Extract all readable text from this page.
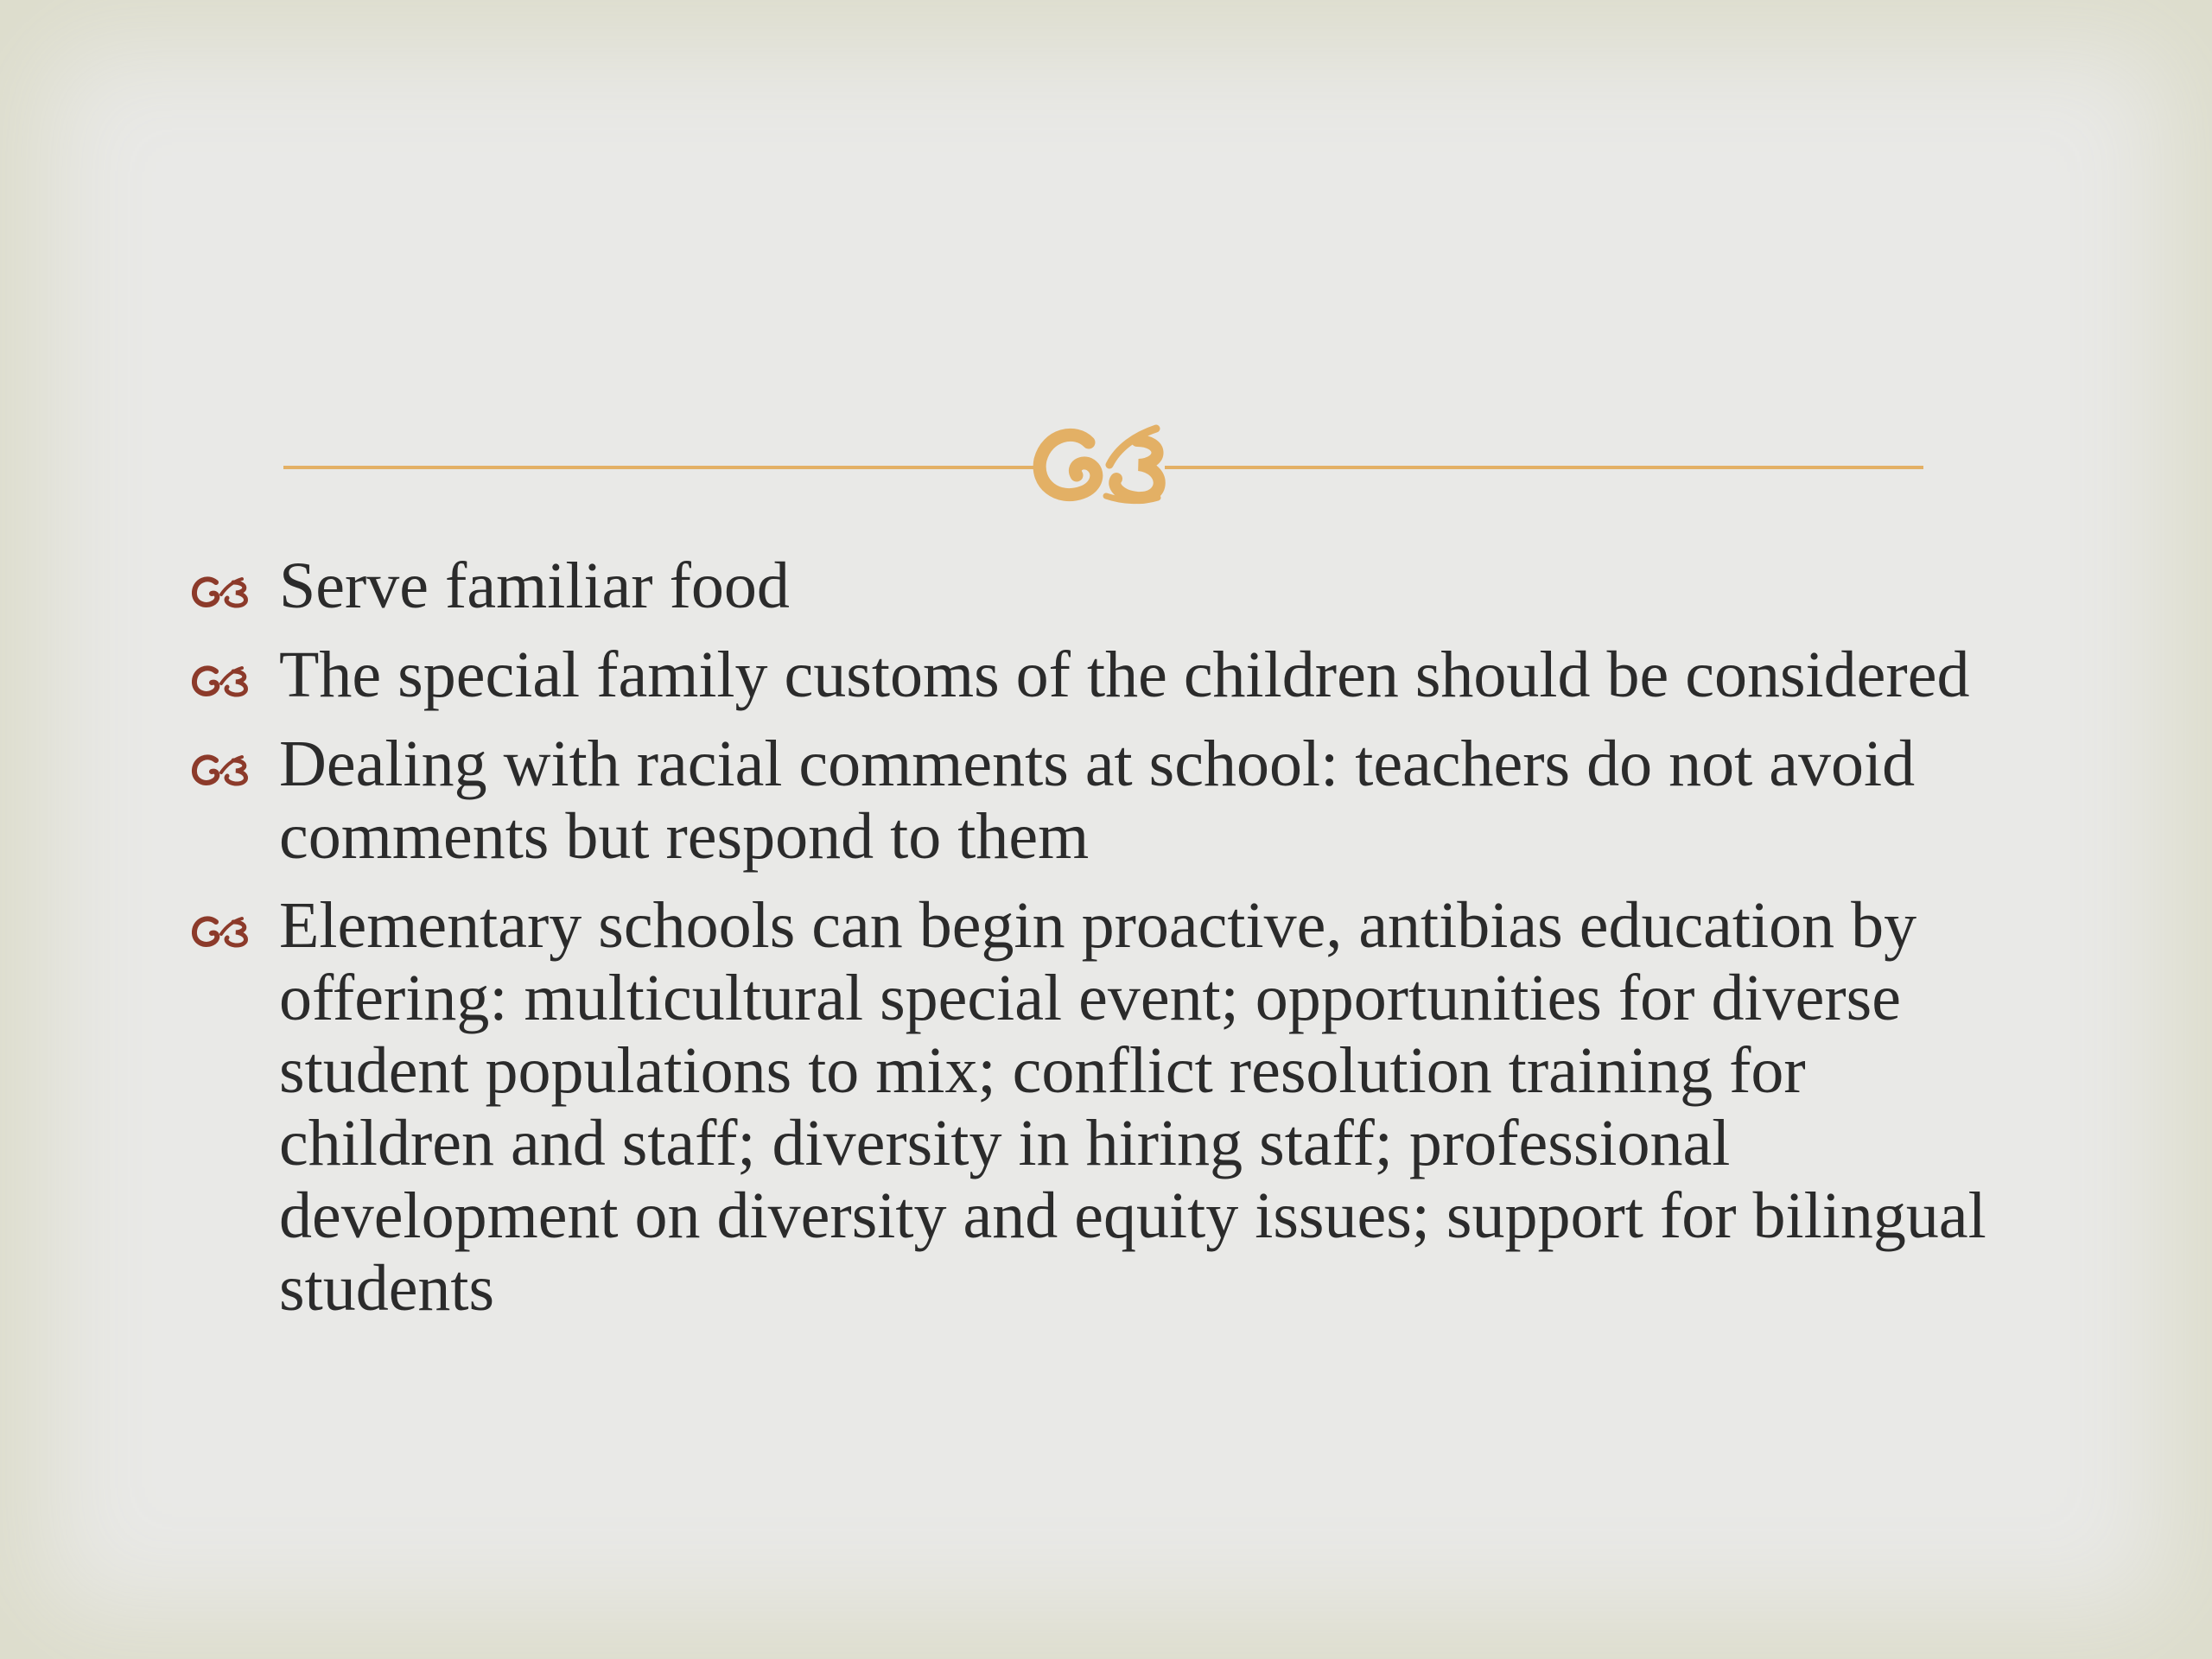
Serve familiar food
The special family customs of the children should be considered
Dealing with racial comments at school: teachers do not avoid comments but respond to them
Elementary schools can begin proactive, antibias education by offering: multicultural special event; opportunities for diverse student populations to mix; conflict resolution training for children and staff; diversity in hiring staff; professional development on diversity and equity issues; support for bilingual students
